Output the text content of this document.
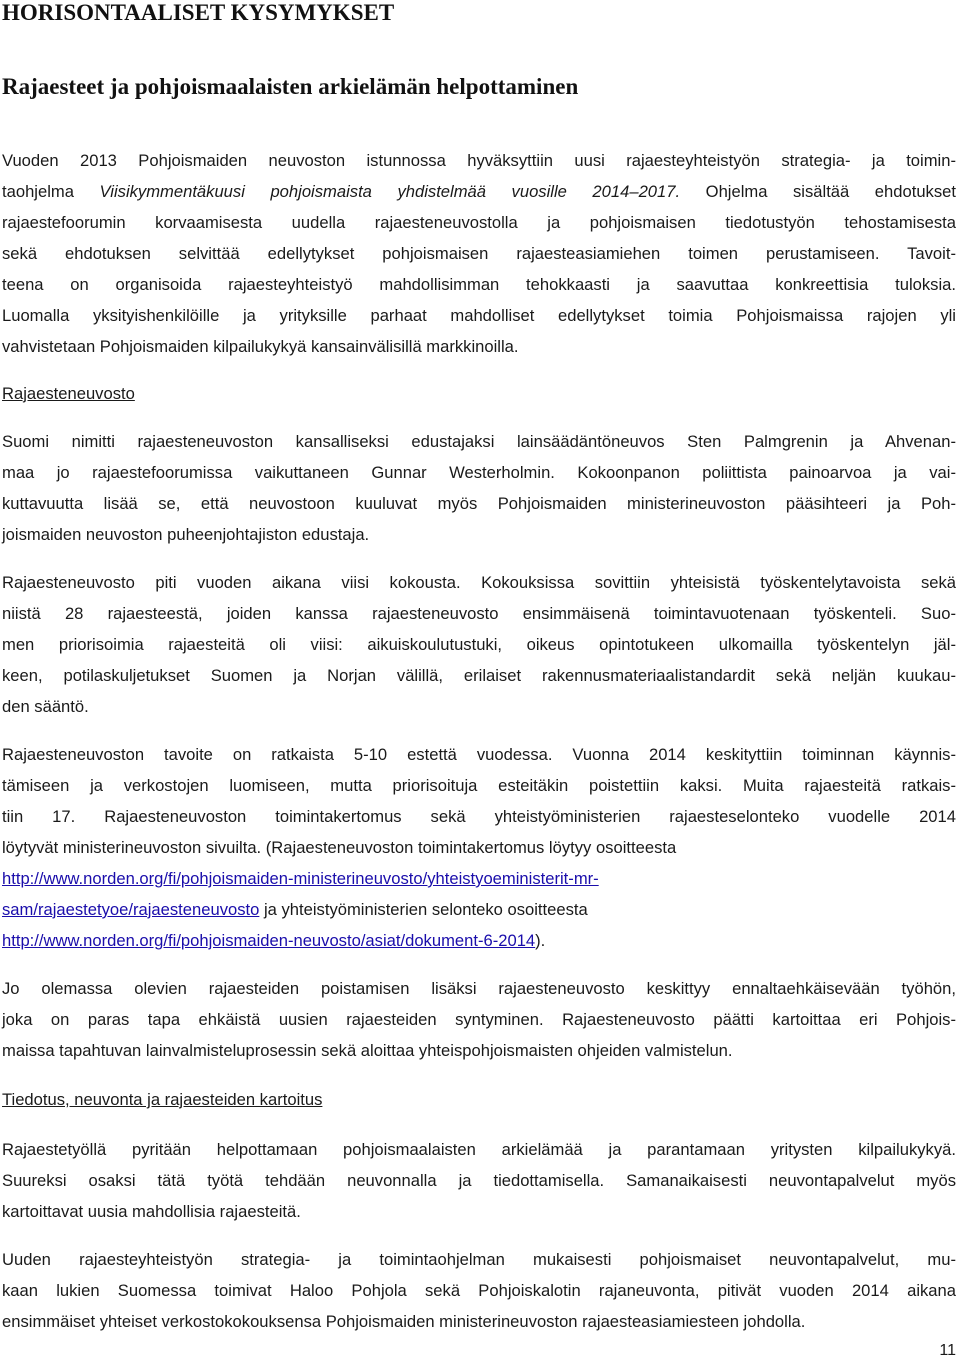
HORISONTAALISET KYSYMYKSET
Rajaesteet ja pohjoismaalaisten arkielämän helpottaminen
Vuoden 2013 Pohjoismaiden neuvoston istunnossa hyväksyttiin uusi rajaesteyhteistyön strategia- ja toimin-
taohjelma Viisikymmentäkuusi pohjoismaista yhdistelmää vuosille 2014–2017. Ohjelma sisältää ehdotukset
rajaestefoorumin korvaamisesta uudella rajaesteneuvostolla ja pohjoismaisen tiedotustyön tehostamisesta
sekä ehdotuksen selvittää edellytykset pohjoismaisen rajaesteasiamiehen toimen perustamiseen. Tavoit-
teena on organisoida rajaesteyhteistyö mahdollisimman tehokkaasti ja saavuttaa konkreettisia tuloksia.
Luomalla yksityishenkilöille ja yrityksille parhaat mahdolliset edellytykset toimia Pohjoismaissa rajojen yli
vahvistetaan Pohjoismaiden kilpailukykyä kansainvälisillä markkinoilla.
Rajaesteneuvosto
Suomi nimitti rajaesteneuvoston kansalliseksi edustajaksi lainsäädäntöneuvos Sten Palmgrenin ja Ahvenan-
maa jo rajaestefoorumissa vaikuttaneen Gunnar Westerholmin. Kokoonpanon poliittista painoarvoa ja vai-
kuttavuutta lisää se, että neuvostoon kuuluvat myös Pohjoismaiden ministerineuvoston pääsihteeri ja Poh-
joismaiden neuvoston puheenjohtajiston edustaja.
Rajaesteneuvosto piti vuoden aikana viisi kokousta. Kokouksissa sovittiin yhteisistä työskentelytavoista sekä
niistä 28 rajaesteestä, joiden kanssa rajaesteneuvosto ensimmäisenä toimintavuotenaan työskenteli. Suo-
men priorisoimia rajaesteitä oli viisi: aikuiskoulutustuki, oikeus opintotukeen ulkomailla työskentelyn jäl-
keen, potilaskuljetukset Suomen ja Norjan välillä, erilaiset rakennusmateriaalistandardit sekä neljän kuukau-
den sääntö.
Rajaesteneuvoston tavoite on ratkaista 5-10 estettä vuodessa. Vuonna 2014 keskityttiin toiminnan käynnis-
tämiseen ja verkostojen luomiseen, mutta priorisoituja esteitäkin poistettiin kaksi. Muita rajaesteitä ratkais-
tiin 17. Rajaesteneuvoston toimintakertomus sekä yhteistyöministerien rajaesteselonteko vuodelle 2014
löytyvät ministerineuvoston sivuilta. (Rajaesteneuvoston toimintakertomus löytyy osoitteesta
http://www.norden.org/fi/pohjoismaiden-ministerineuvosto/yhteistyoeministerit-mr-
sam/rajaestetyoe/rajaesteneuvosto ja yhteistyöministerien selonteko osoitteesta
http://www.norden.org/fi/pohjoismaiden-neuvosto/asiat/dokument-6-2014).
Jo olemassa olevien rajaesteiden poistamisen lisäksi rajaesteneuvosto keskittyy ennaltaehkäisevään työhön,
joka on paras tapa ehkäistä uusien rajaesteiden syntyminen. Rajaesteneuvosto päätti kartoittaa eri Pohjois-
maissa tapahtuvan lainvalmisteluprosessin sekä aloittaa yhteispohjoismaisten ohjeiden valmistelun.
Tiedotus, neuvonta ja rajaesteiden kartoitus
Rajaestetyöllä pyritään helpottamaan pohjoismaalaisten arkielämää ja parantamaan yritysten kilpailukykyä.
Suureksi osaksi tätä työtä tehdään neuvonnalla ja tiedottamisella. Samanaikaisesti neuvontapalvelut myös
kartoittavat uusia mahdollisia rajaesteitä.
Uuden rajaesteyhteistyön strategia- ja toimintaohjelman mukaisesti pohjoismaiset neuvontapalvelut, mu-
kaan lukien Suomessa toimivat Haloo Pohjola sekä Pohjoiskalotin rajaneuvonta, pitivät vuoden 2014 aikana
ensimmäiset yhteiset verkostokokouksensa Pohjoismaiden ministerineuvoston rajaesteasiamiesteen johdolla.
11
